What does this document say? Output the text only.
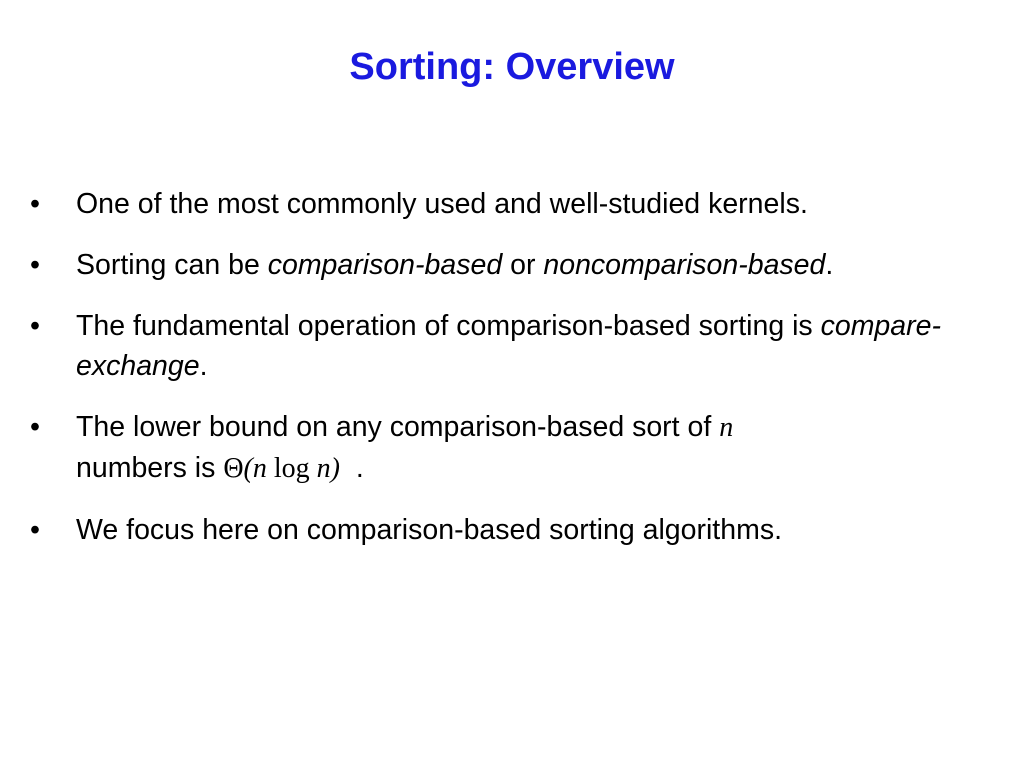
Sorting: Overview
• One of the most commonly used and well-studied kernels.
• Sorting can be comparison-based or noncomparison-based.
• The fundamental operation of comparison-based sorting is compare-exchange.
• The lower bound on any comparison-based sort of n
numbers is Θ(n log n)  .
• We focus here on comparison-based sorting algorithms.
